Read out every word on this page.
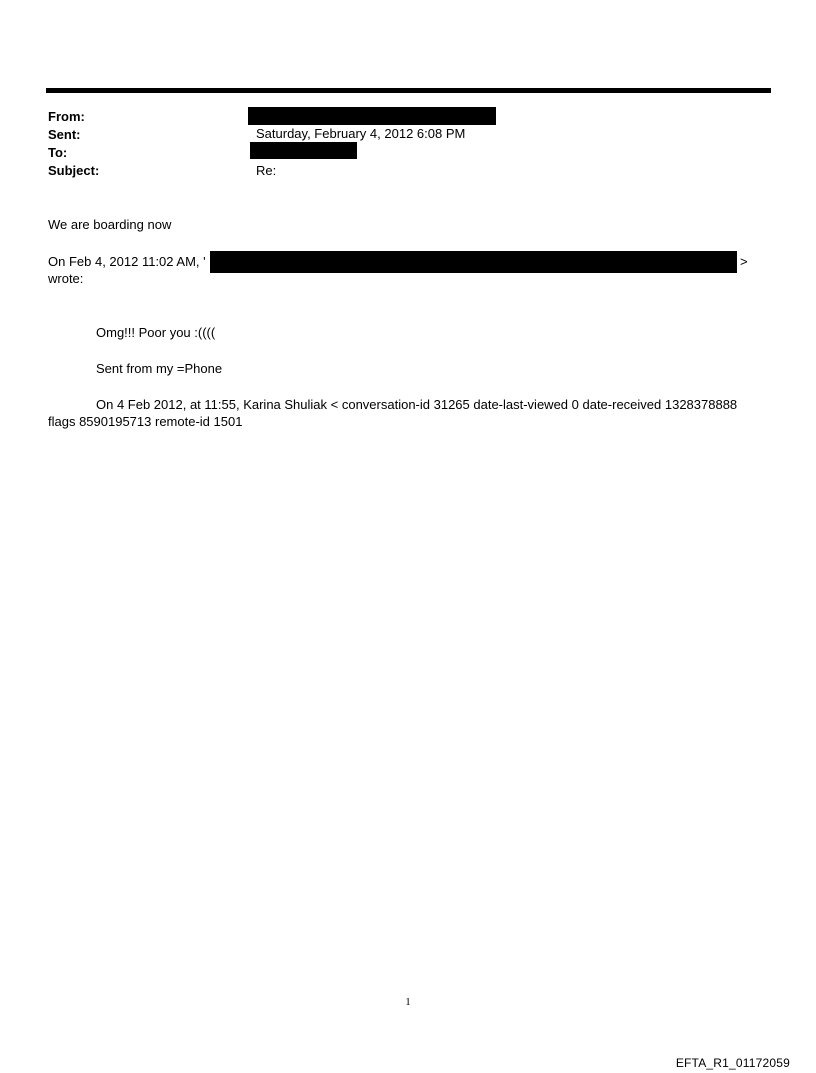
From:
Sent:	Saturday, February 4, 2012 6:08 PM
To:
Subject:	Re:
We are boarding now
On Feb 4, 2012 11:02 AM, '	>
wrote:
Omg!!! Poor you :((((
Sent from my =Phone
On 4 Feb 2012, at 11:55, Karina Shuliak < conversation-id 31265 date-last-viewed 0 date-received 1328378888
flags 8590195713 remote-id 1501
1
EFTA_R1_01172059
